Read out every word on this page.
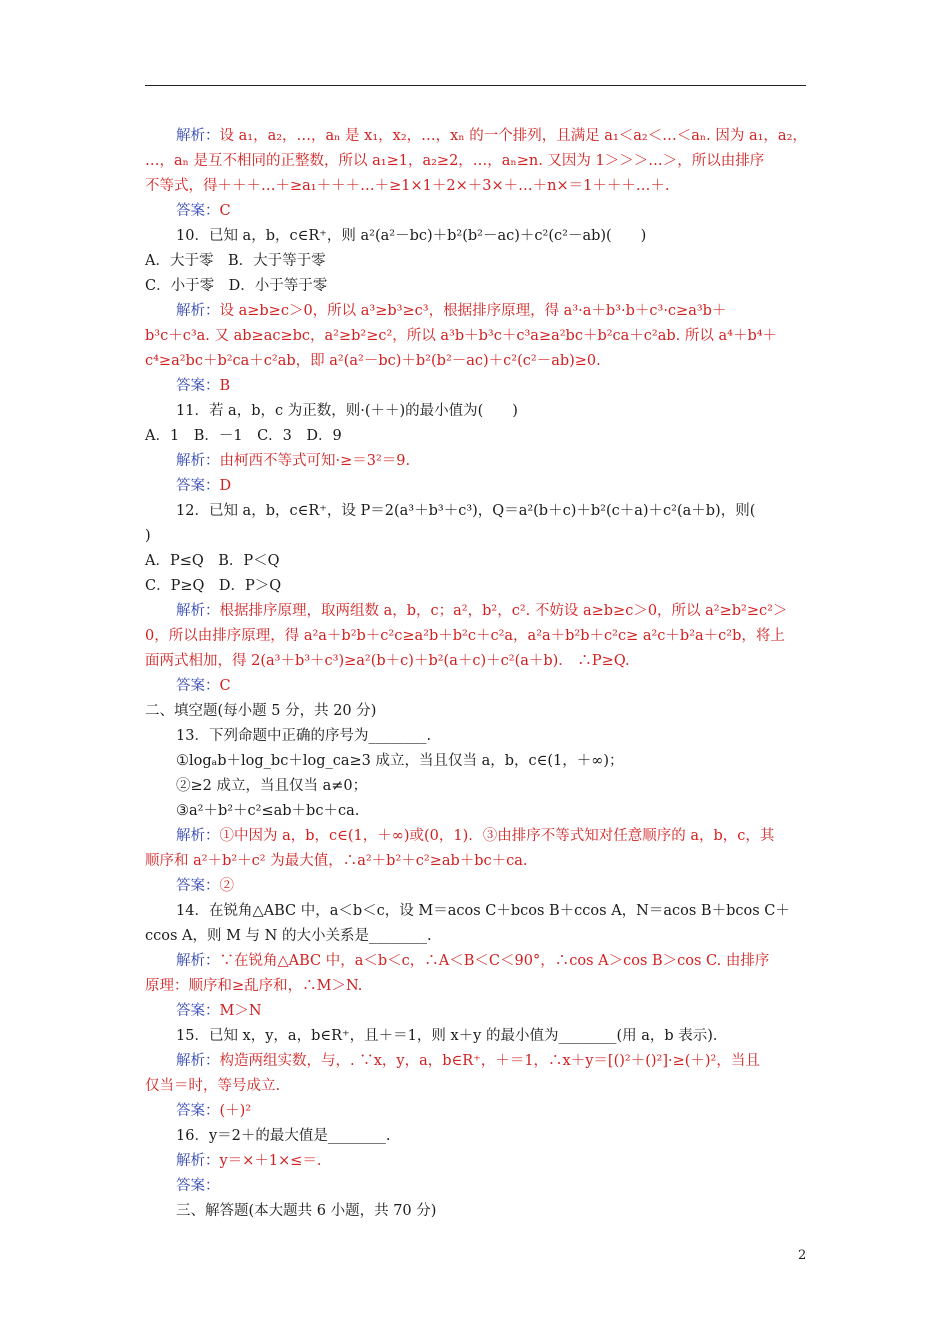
解析：设 a₁，a₂，…，aₙ 是 x₁，x₂，…，xₙ 的一个排列，且满足 a₁＜a₂＜…＜aₙ. 因为 a₁，a₂，
…，aₙ 是互不相同的正整数，所以 a₁≥1，a₂≥2，…，aₙ≥n. 又因为 1＞＞＞…＞，所以由排序
不等式，得＋＋＋…＋≥a₁＋＋＋…＋≥1×1＋2×＋3×＋…＋n×＝1＋＋＋…＋.
答案：C
10．已知 a，b，c∈R⁺，则 a²(a²－bc)＋b²(b²－ac)＋c²(c²－ab)(　　)
A．大于零　B．大于等于零
C．小于零　D．小于等于零
解析：设 a≥b≥c＞0，所以 a³≥b³≥c³，根据排序原理，得 a³·a＋b³·b＋c³·c≥a³b＋
b³c＋c³a. 又 ab≥ac≥bc，a²≥b²≥c²，所以 a³b＋b³c＋c³a≥a²bc＋b²ca＋c²ab. 所以 a⁴＋b⁴＋
c⁴≥a²bc＋b²ca＋c²ab，即 a²(a²－bc)＋b²(b²－ac)＋c²(c²－ab)≥0.
答案：B
11．若 a，b，c 为正数，则·(＋＋)的最小值为(　　)
A．1　B．－1　C．3　D．9
解析：由柯西不等式可知·≥＝3²＝9.
答案：D
12．已知 a，b，c∈R⁺，设 P＝2(a³＋b³＋c³)，Q＝a²(b＋c)＋b²(c＋a)＋c²(a＋b)，则(
)
A．P≤Q　B．P＜Q
C．P≥Q　D．P＞Q
解析：根据排序原理，取两组数 a，b，c；a²，b²，c². 不妨设 a≥b≥c＞0，所以 a²≥b²≥c²＞
0，所以由排序原理，得 a²a＋b²b＋c²c≥a²b＋b²c＋c²a，a²a＋b²b＋c²c≥ a²c＋b²a＋c²b，将上
面两式相加，得 2(a³＋b³＋c³)≥a²(b＋c)＋b²(a＋c)＋c²(a＋b)． ∴P≥Q.
答案：C
二、填空题(每小题 5 分，共 20 分)
13．下列命题中正确的序号为________.
①logₐb＋log_bc＋log_ca≥3 成立，当且仅当 a，b，c∈(1，＋∞)；
②≥2 成立，当且仅当 a≠0；
③a²＋b²＋c²≤ab＋bc＋ca.
解析：①中因为 a，b，c∈(1，＋∞)或(0，1)．③由排序不等式知对任意顺序的 a，b，c，其
顺序和 a²＋b²＋c² 为最大值，∴a²＋b²＋c²≥ab＋bc＋ca.
答案：②
14．在锐角△ABC 中，a＜b＜c，设 M＝acos C＋bcos B＋ccos A，N＝acos B＋bcos C＋
ccos A，则 M 与 N 的大小关系是________.
解析：∵在锐角△ABC 中，a＜b＜c，∴A＜B＜C＜90°，∴cos A＞cos B＞cos C. 由排序
原理：顺序和≥乱序和，∴M＞N.
答案：M＞N
15．已知 x，y，a，b∈R⁺，且＋＝1，则 x＋y 的最小值为________(用 a，b 表示)．
解析：构造两组实数，与，. ∵x，y，a，b∈R⁺，＋＝1，∴x＋y＝[()²＋()²]·≥(＋)²，当且
仅当＝时，等号成立.
答案：(＋)²
16．y＝2＋的最大值是________.
解析：y＝×＋1×≤＝.
答案：
三、解答题(本大题共 6 小题，共 70 分)
2
